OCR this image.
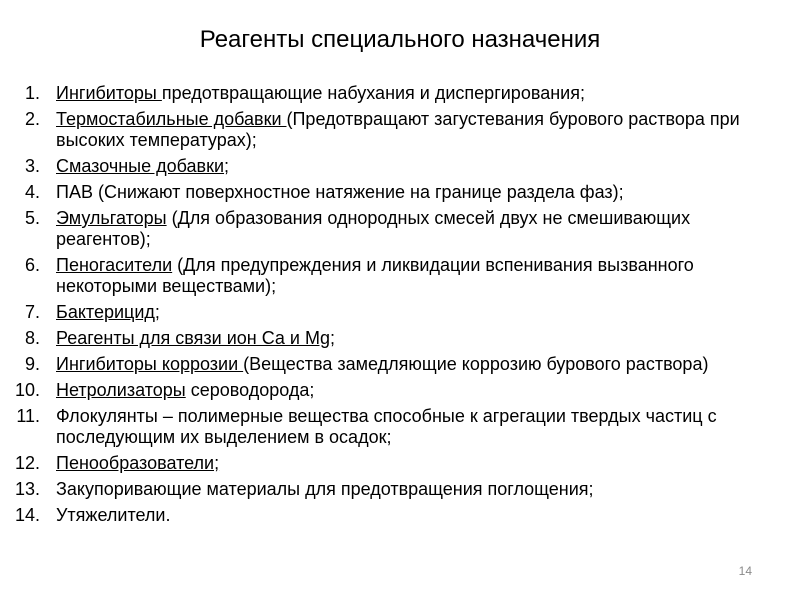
Реагенты специального назначения
1. Ингибиторы предотвращающие набухания и диспергирования;
2. Термостабильные добавки (Предотвращают загустевания бурового раствора при высоких температурах);
3. Смазочные добавки;
4. ПАВ (Снижают поверхностное натяжение на границе раздела фаз);
5. Эмульгаторы (Для образования однородных смесей двух не смешивающих реагентов);
6. Пеногасители (Для предупреждения и ликвидации вспенивания вызванного некоторыми веществами);
7. Бактерицид;
8. Реагенты для связи ион Са и Mg;
9. Ингибиторы коррозии (Вещества замедляющие коррозию бурового раствора)
10. Нетролизаторы сероводорода;
11. Флокулянты – полимерные вещества способные к агрегации твердых частиц с последующим их выделением в осадок;
12. Пенообразователи;
13. Закупоривающие материалы для предотвращения поглощения;
14. Утяжелители.
14
